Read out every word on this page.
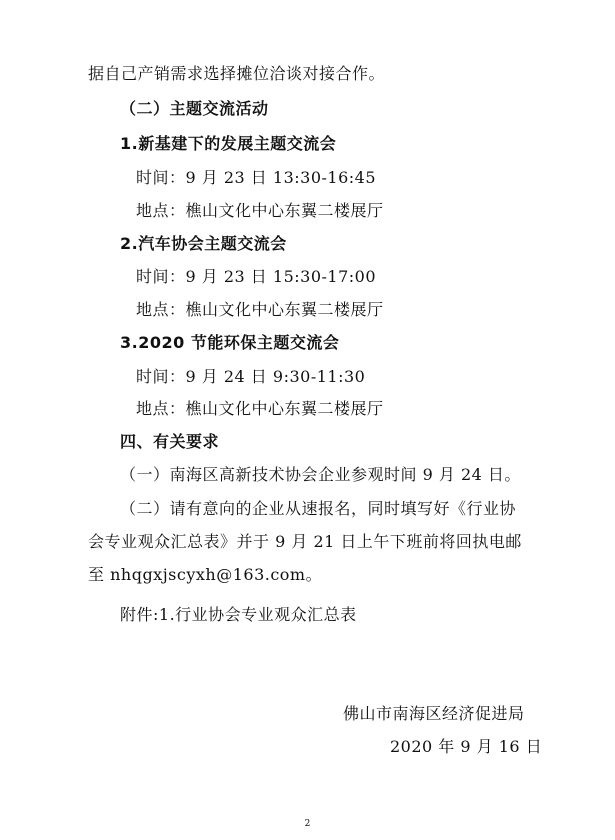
据自己产销需求选择摊位洽谈对接合作。
（二）主题交流活动
1.新基建下的发展主题交流会
时间：9 月 23 日 13:30-16:45
地点：樵山文化中心东翼二楼展厅
2.汽车协会主题交流会
时间：9 月 23 日 15:30-17:00
地点：樵山文化中心东翼二楼展厅
3.2020 节能环保主题交流会
时间：9 月 24 日 9:30-11:30
地点：樵山文化中心东翼二楼展厅
四、有关要求
（一）南海区高新技术协会企业参观时间 9 月 24 日。
（二）请有意向的企业从速报名，同时填写好《行业协
会专业观众汇总表》并于 9 月 21 日上午下班前将回执电邮
至 nhqgxjscyxh@163.com。
附件:1.行业协会专业观众汇总表
佛山市南海区经济促进局
2020 年 9 月 16 日
2
